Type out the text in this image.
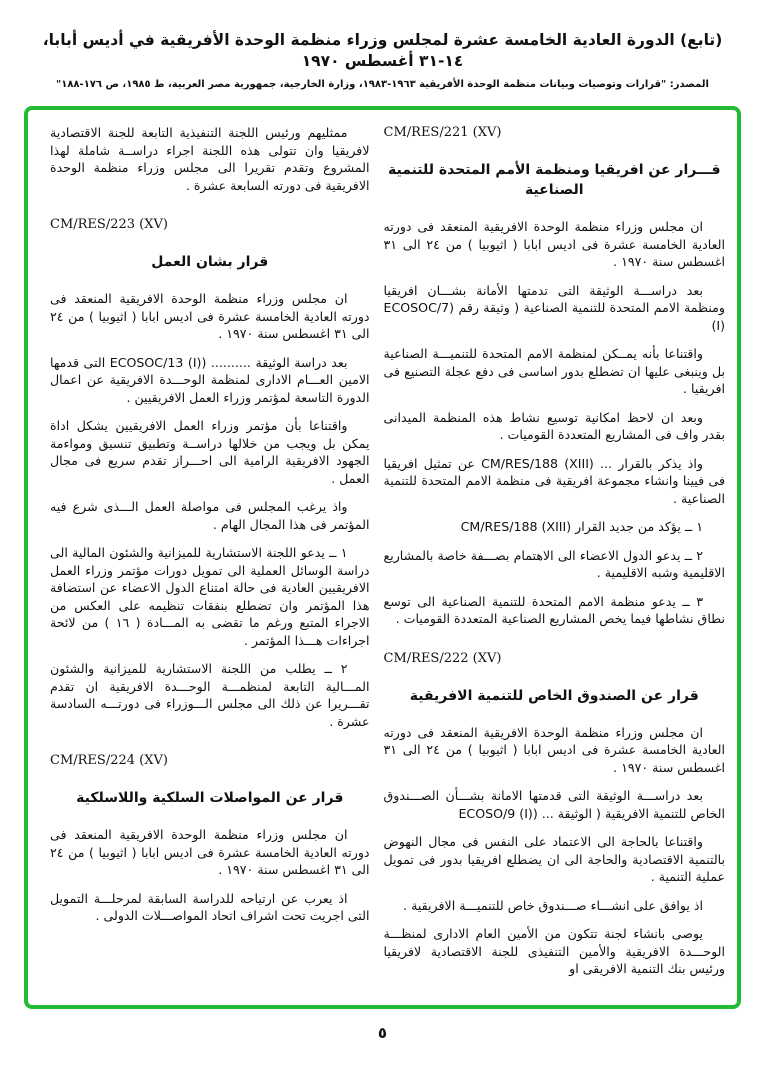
(تابع) الدورة العادية الخامسة عشرة لمجلس وزراء منظمة الوحدة الأفريقية في أديس أبابا، ١٤-٣١ أغسطس ١٩٧٠
المصدر: "قرارات وتوصيات وبيانات منظمة الوحدة الأفريقية ١٩٦٣-١٩٨٣، وزارة الخارجية، جمهورية مصر العربية، ط ١٩٨٥، ص ١٧٦-١٨٨"
CM/RES/221 (XV)
قـــرار عن افريقيا ومنظمة الأمم المتحدة للتنمية الصناعية
ان مجلس وزراء منظمة الوحدة الافريقية المنعقد فى دورته العادية الخامسة عشرة فى اديس ابابا ( اثيوبيا ) من ٢٤ الى ٣١ اغسطس سنة ١٩٧٠ .
بعد دراســـة الوثيقة التى تدمتها الأمانة بشـــان افريقيا ومنظمة الامم المتحدة للتنمية الصناعية ( وثيقة رقم (ECOSOC/7 (I)
واقتناعا بأنه يمــكن لمنظمة الامم المتحدة للتنميـــة الصناعية بل وينبغى عليها ان تضطلع بدور اساسى فى دفع عجلة التصنيع فى افريقيا .
وبعد ان لاحظ امكانية توسيع نشاط هذه المنظمة الميدانى بقدر واف فى المشاريع المتعددة القوميات .
واذ يذكر بالقرار ... CM/RES/188 (XIII) عن تمثيل افريقيا فى فيينا وانشاء مجموعة افريقية فى منظمة الامم المتحدة للتنمية الصناعية .
١ ــ يؤكد من جديد القرار CM/RES/188 (XIII)
٢ ــ يدعو الدول الاعضاء الى الاهتمام بصـــفة خاصة بالمشاريع الاقليمية وشبه الاقليمية .
٣ ــ يدعو منظمة الامم المتحدة للتنمية الصناعية الى توسع نطاق نشاطها فيما يخص المشاريع الصناعية المتعددة القوميات .
CM/RES/222 (XV)
قرار عن الصندوق الخاص للتنمية الافريقية
ان مجلس وزراء منظمة الوحدة الافريقية المنعقد فى دورته العادية الخامسة عشرة فى اديس ابابا ( اثيوبيا ) من ٢٤ الى ٣١ اغسطس سنة ١٩٧٠ .
بعد دراســـة الوثيقة التى قدمتها الامانة بشـــأن الصـــندوق الخاص للتنمية الافريقية ( الوثيقة ... (ECOSO/9 (I)
واقتناعا بالحاجة الى الاعتماد على النفس فى مجال النهوض بالتنمية الاقتصادية والحاجة الى ان يضطلع افريقيا بدور فى تمويل عملية التنمية .
اذ يوافق على انشـــاء صـــندوق خاص للتنميـــة الافريقية .
يوصى بانشاء لجنة تتكون من الأمين العام الادارى لمنظـــة الوحـــدة الافريقية والأمين التنفيذى للجنة الاقتصادية لافريقيا ورئيس بنك التنمية الافريقى او
ممثليهم ورئيس اللجنة التنفيذية التابعة للجنة الاقتصادية لافريقيا وان تتولى هذه اللجنة اجراء دراســة شاملة لهذا المشروع وتقدم تقريرا الى مجلس وزراء منظمة الوحدة الافريقية فى دورته السابعة عشرة .
CM/RES/223 (XV)
قرار بشان العمل
ان مجلس وزراء منظمة الوحدة الافريقية المنعقد فى دورته العادية الخامسة عشرة فى اديس ابابا ( اثيوبيا ) من ٢٤ الى ٣١ اغسطس سنة ١٩٧٠ .
بعد دراسة الوثيقة .......... (ECOSOC/13 (I) التى قدمها الامين العـــام الادارى لمنظمة الوحـــدة الافريقية عن اعمال الدورة التاسعة لمؤتمر وزراء العمل الافريقيين .
واقتناعا بأن مؤتمر وزراء العمل الافريقيين يشكل اداة يمكن بل ويجب من خلالها دراســة وتطبيق تنسيق ومواءمة الجهود الافريقية الرامية الى احـــراز تقدم سريع فى مجال العمل .
واذ يرغب المجلس فى مواصلة العمل الـــذى شرع فيه المؤتمر فى هذا المجال الهام .
١ ــ يدعو اللجنة الاستشارية للميزانية والشئون المالية الى دراسة الوسائل العملية الى تمويل دورات مؤتمر وزراء العمل الافريقيين العادية فى حالة امتناع الدول الاعضاء عن استضافة هذا المؤتمر وان تضطلع بنفقات تنظيمه على العكس من الاجراء المتبع ورغم ما تقضى به المـــادة ( ١٦ ) من لائحة اجراءات هـــذا المؤتمر .
٢ ــ يطلب من اللجنة الاستشارية للميزانية والشئون المـــالية التابعة لمنظمـــة الوحـــدة الافريقية ان تقدم تقـــريرا عن ذلك الى مجلس الـــوزراء فى دورتـــه السادسة عشرة .
CM/RES/224 (XV)
قرار عن المواصلات السلكية واللاسلكية
ان مجلس وزراء منظمة الوحدة الافريقية المنعقد فى دورته العادية الخامسة عشرة فى اديس ابابا ( اثيوبيا ) من ٢٤ الى ٣١ اغسطس سنة ١٩٧٠ .
اذ يعرب عن ارتياحه للدراسة السابقة لمرحلـــة التمويل التى اجريت تحت اشراف اتحاد المواصـــلات الدولى .
٥
